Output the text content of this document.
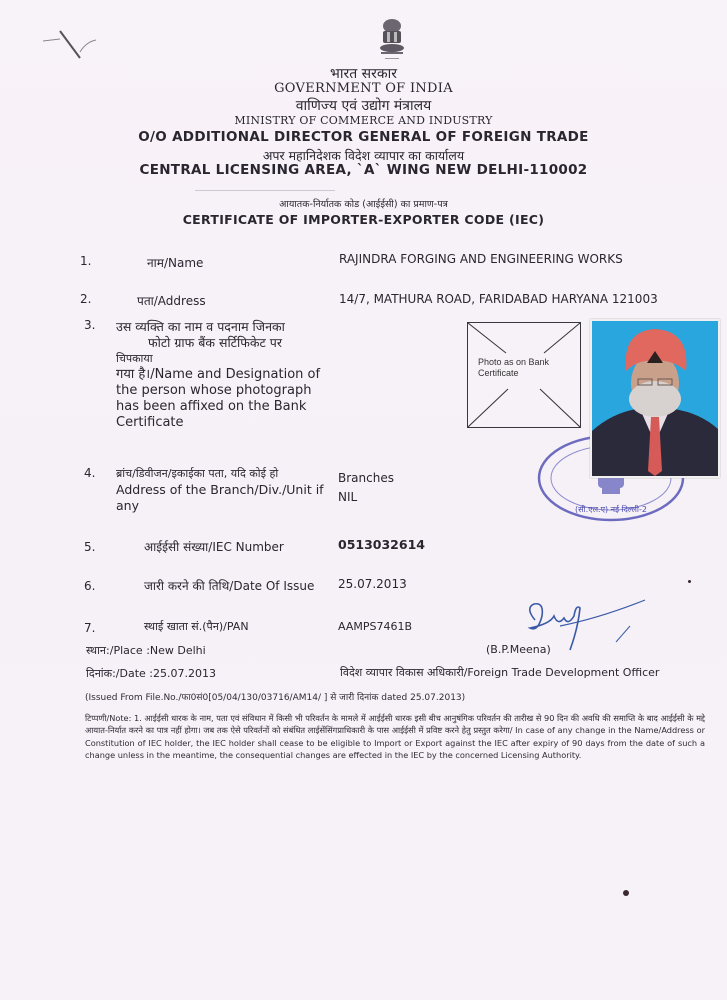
भारत सरकार
GOVERNMENT OF INDIA
वाणिज्य एवं उद्योग मंत्रालय
MINISTRY OF COMMERCE AND INDUSTRY
O/O ADDITIONAL DIRECTOR GENERAL OF FOREIGN TRADE
अपर महानिदेशक विदेश व्यापार का कार्यालय
CENTRAL LICENSING AREA, `A` WING NEW DELHI-110002
आयातक-निर्यातक कोड (आईईसी) का प्रमाण-पत्र
CERTIFICATE OF IMPORTER-EXPORTER CODE (IEC)
1.	नाम/Name	RAJINDRA FORGING AND ENGINEERING WORKS
2.	पता/Address	14/7, MATHURA ROAD, FARIDABAD HARYANA 121003
3. उस व्यक्ति का नाम व पदनाम जिनका
फोटो ग्राफ बैंक सर्टिफिकेट पर
चिपकाया
गया है।/Name and Designation of
the person whose photograph
has been affixed on the Bank
Certificate
Photo as on Bank Certificate
(सी.एल.ए) नई दिल्ली-2
4. ब्रांच/डिवीजन/इकाईका पता, यदि कोई हो
Address of the Branch/Div./Unit if
any
Branches
NIL
5.	आईईसी संख्या/IEC Number	0513032614
6.	जारी करने की तिथि/Date Of Issue 25.07.2013
7.	स्थाई खाता सं.(पैन)/PAN	AAMPS7461B
स्थान:/Place :New Delhi	(B.P.Meena)
दिनांक:/Date :25.07.2013	विदेश व्यापार विकास अधिकारी/Foreign Trade Development Officer
(Issued From File.No./फा0सं0[05/04/130/03716/AM14/ ] से जारी दिनांक dated 25.07.2013)
टिप्पणी/Note: 1. आईईसी धारक के नाम, पता एवं संविधान में किसी भी परिवर्तन के मामले में आईईसी धारक इसी बीच आनुषंगिक परिवर्तन की तारीख से 90 दिन की अवधि की समाप्ति के बाद आईईसी के मद्दे आयात-निर्यात करने का पात्र नहीं होगा। जब तक ऐसे परिवर्तनों को संबंधित लाईसेंसिंगप्राधिकारी के पास आईईसी में प्रविष्ट करने हेतु प्रस्तुत करेगा/ In case of any change in the Name/Address or Constitution of IEC holder, the IEC holder shall cease to be eligible to Import or Export against the IEC after expiry of 90 days from the date of such a change unless in the meantime, the consequential changes are effected in the IEC by the concerned Licensing Authority.
